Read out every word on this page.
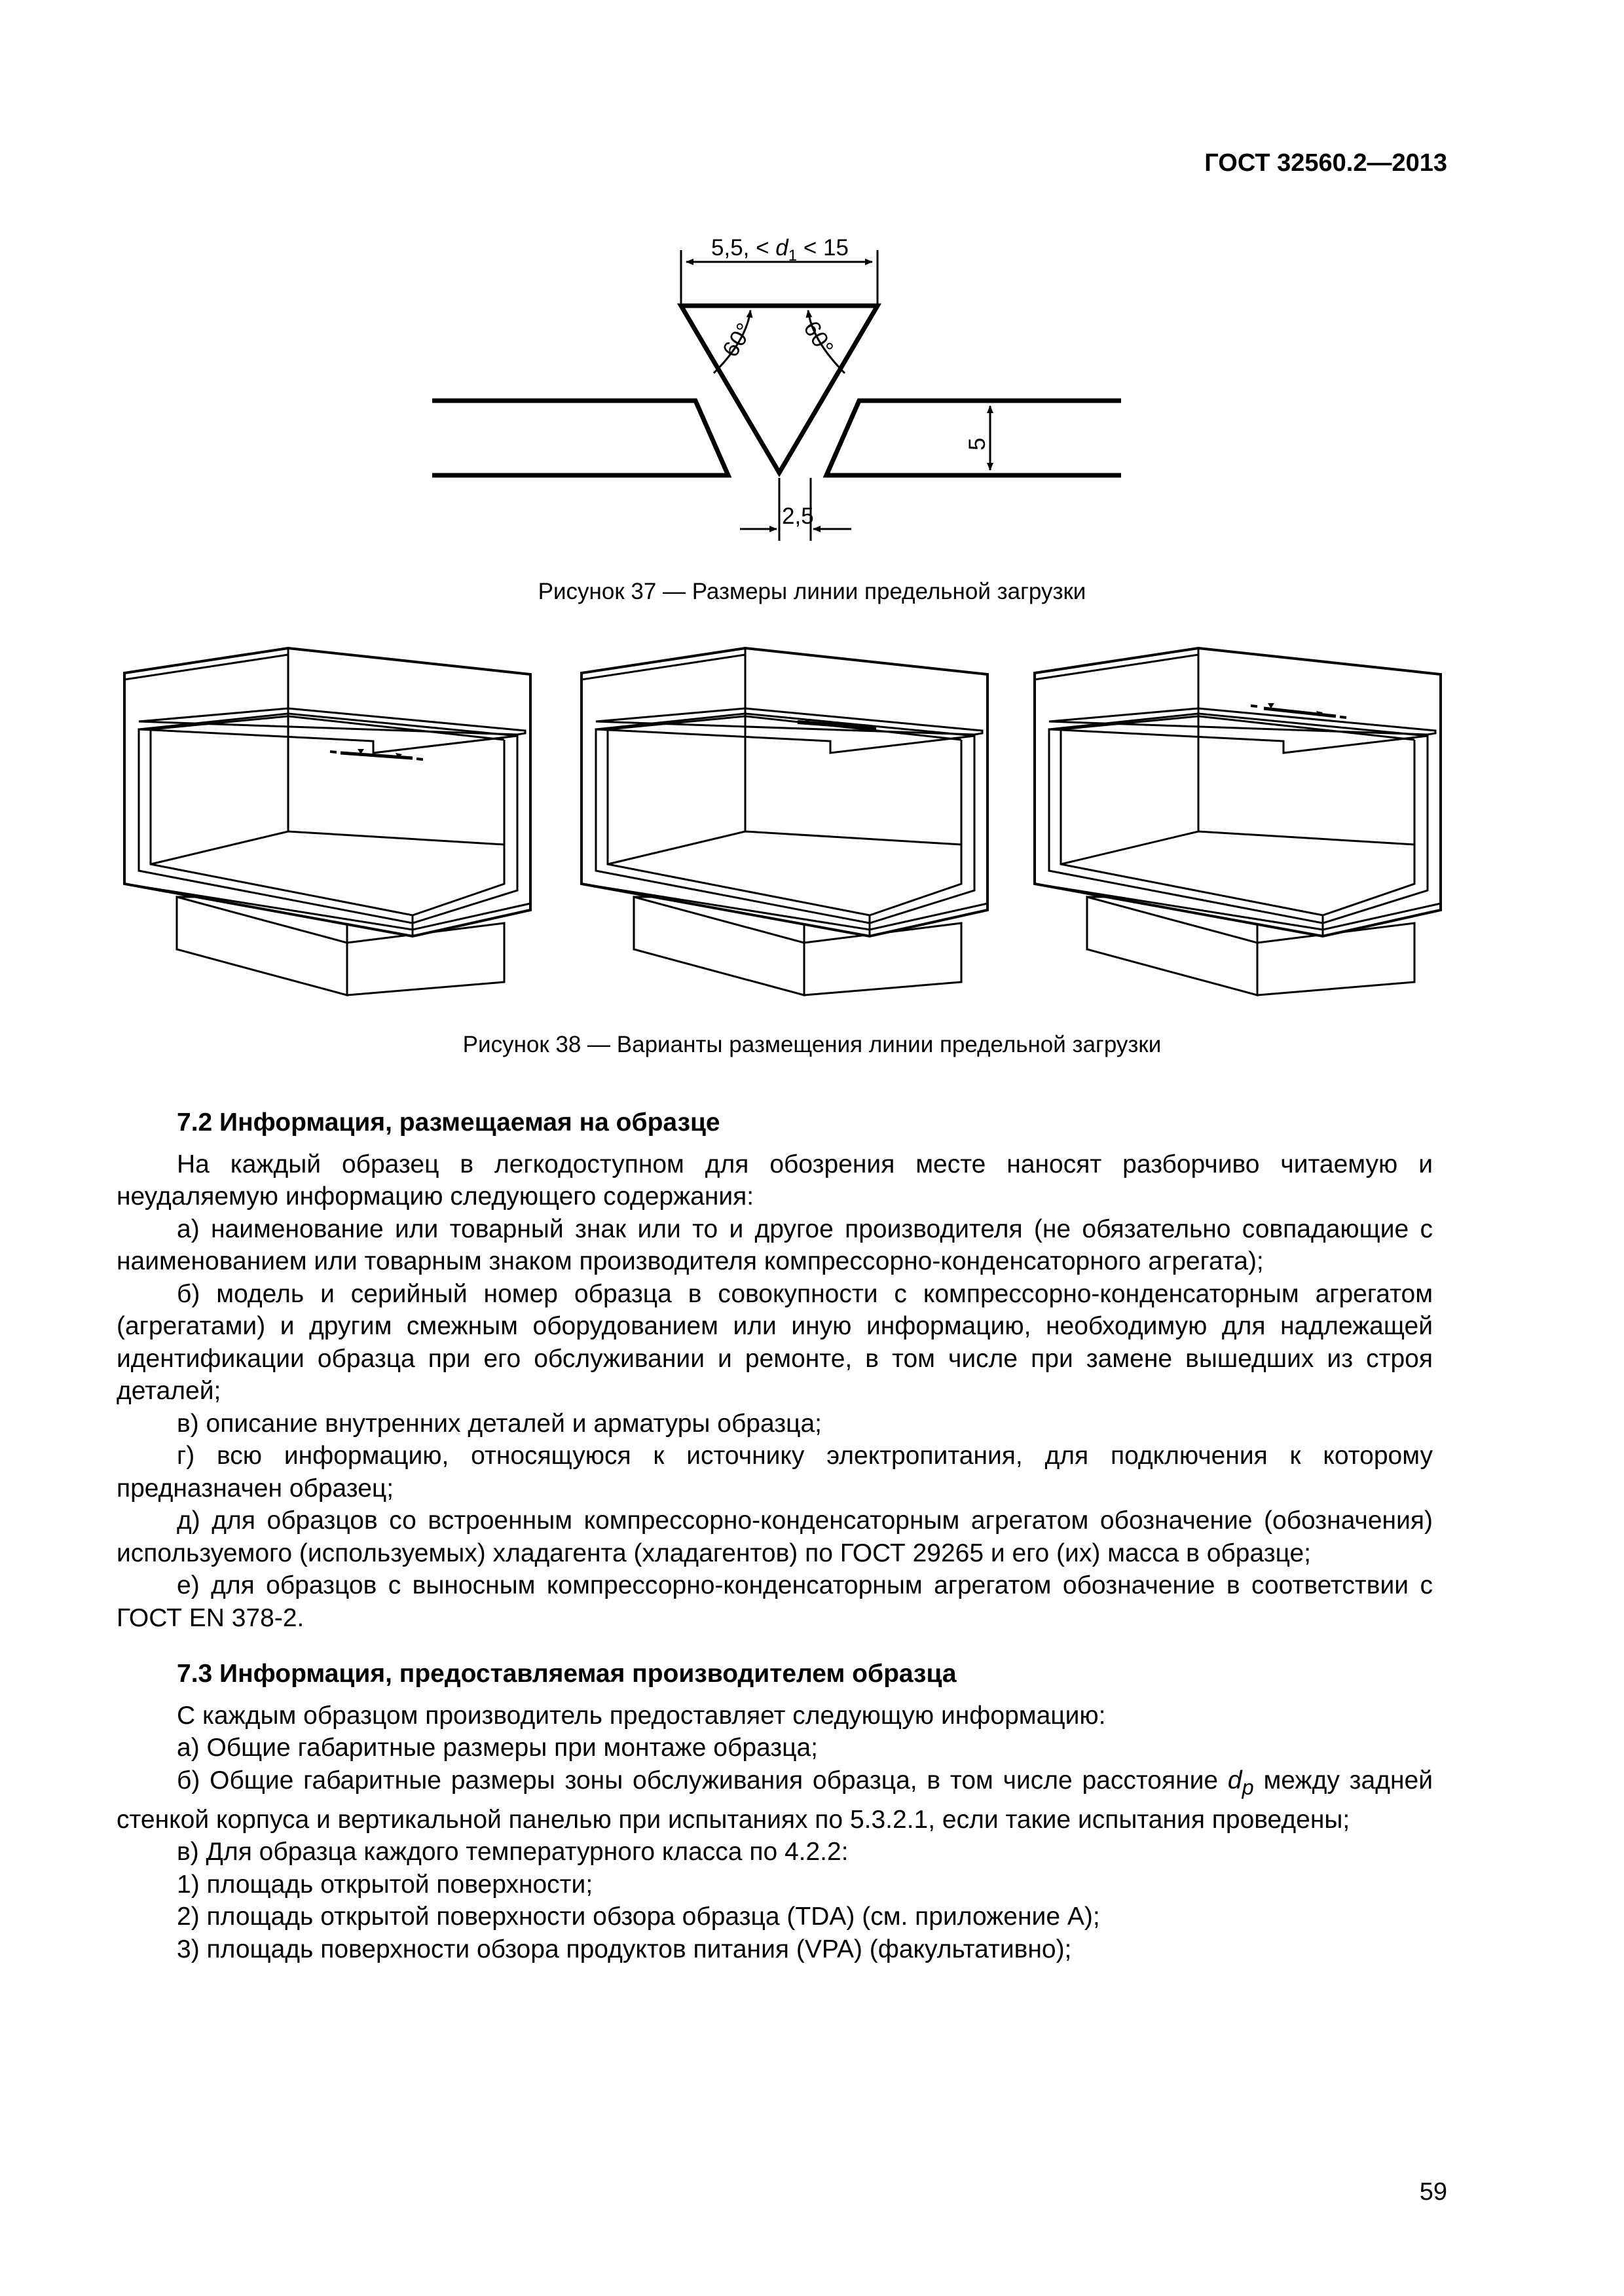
ГОСТ 32560.2—2013
5,5, < $d_1 < 15$
60° 60°
5
2,5
Рисунок 37 — Размеры линии предельной загрузки
Рисунок 38 — Варианты размещения линии предельной загрузки
7.2 Информация, размещаемая на образце

На каждый образец в легкодоступном для обозрения месте наносят разборчиво читаемую и неудаляемую информацию следующего содержания:

а) наименование или товарный знак или то и другое производителя (не обязательно совпадающие с наименованием или товарным знаком производителя компрессорно-конденсаторного агрегата);

б) модель и серийный номер образца в совокупности с компрессорно-конденсаторным агрегатом (агрегатами) и другим смежным оборудованием или иную информацию, необходимую для надлежащей идентификации образца при его обслуживании и ремонте, в том числе при замене вышедших из строя деталей;

в) описание внутренних деталей и арматуры образца;

г) всю информацию, относящуюся к источнику электропитания, для подключения к которому предназначен образец;

д) для образцов со встроенным компрессорно-конденсаторным агрегатом обозначение (обозначения) используемого (используемых) хладагента (хладагентов) по ГОСТ 29265 и его (их) масса в образце;

е) для образцов с выносным компрессорно-конденсаторным агрегатом обозначение в соответствии с ГОСТ EN 378-2.

7.3 Информация, предоставляемая производителем образца

С каждым образцом производитель предоставляет следующую информацию:

а) Общие габаритные размеры при монтаже образца;

б) Общие габаритные размеры зоны обслуживания образца, в том числе расстояние $d_p$ между задней стенкой корпуса и вертикальной панелью при испытаниях по 5.3.2.1, если такие испытания проведены;

в) Для образца каждого температурного класса по 4.2.2:

1) площадь открытой поверхности;

2) площадь открытой поверхности обзора образца (TDA) (см. приложение А);

3) площадь поверхности обзора продуктов питания (VPA) (факультативно);

59
